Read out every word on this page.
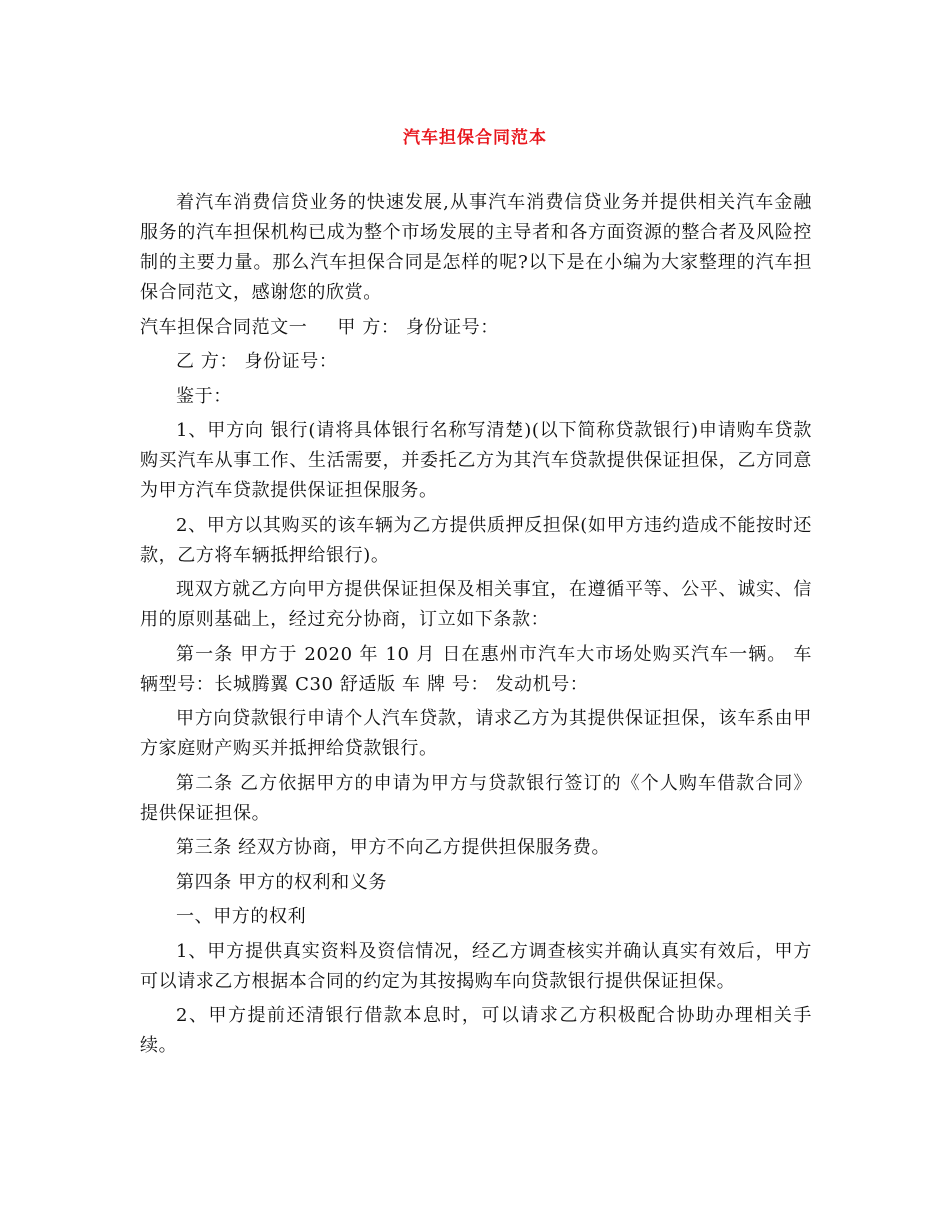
汽车担保合同范本

着汽车消费信贷业务的快速发展,从事汽车消费信贷业务并提供相关汽车金融服务的汽车担保机构已成为整个市场发展的主导者和各方面资源的整合者及风险控制的主要力量。那么汽车担保合同是怎样的呢?以下是在小编为大家整理的汽车担保合同范文，感谢您的欣赏。

汽车担保合同范文一 甲 方： 身份证号：

乙 方： 身份证号：

鉴于：

1、甲方向 银行(请将具体银行名称写清楚)(以下简称贷款银行)申请购车贷款购买汽车从事工作、生活需要，并委托乙方为其汽车贷款提供保证担保，乙方同意为甲方汽车贷款提供保证担保服务。

2、甲方以其购买的该车辆为乙方提供质押反担保(如甲方违约造成不能按时还款，乙方将车辆抵押给银行)。

现双方就乙方向甲方提供保证担保及相关事宜，在遵循平等、公平、诚实、信用的原则基础上，经过充分协商，订立如下条款：

第一条 甲方于 2020 年 10 月 日在惠州市汽车大市场处购买汽车一辆。 车辆型号：长城腾翼 C30 舒适版 车 牌 号： 发动机号：

甲方向贷款银行申请个人汽车贷款，请求乙方为其提供保证担保，该车系由甲方家庭财产购买并抵押给贷款银行。

第二条 乙方依据甲方的申请为甲方与贷款银行签订的《个人购车借款合同》提供保证担保。

第三条 经双方协商，甲方不向乙方提供担保服务费。

第四条 甲方的权利和义务

一、甲方的权利

1、甲方提供真实资料及资信情况，经乙方调查核实并确认真实有效后，甲方可以请求乙方根据本合同的约定为其按揭购车向贷款银行提供保证担保。

2、甲方提前还清银行借款本息时，可以请求乙方积极配合协助办理相关手续。
